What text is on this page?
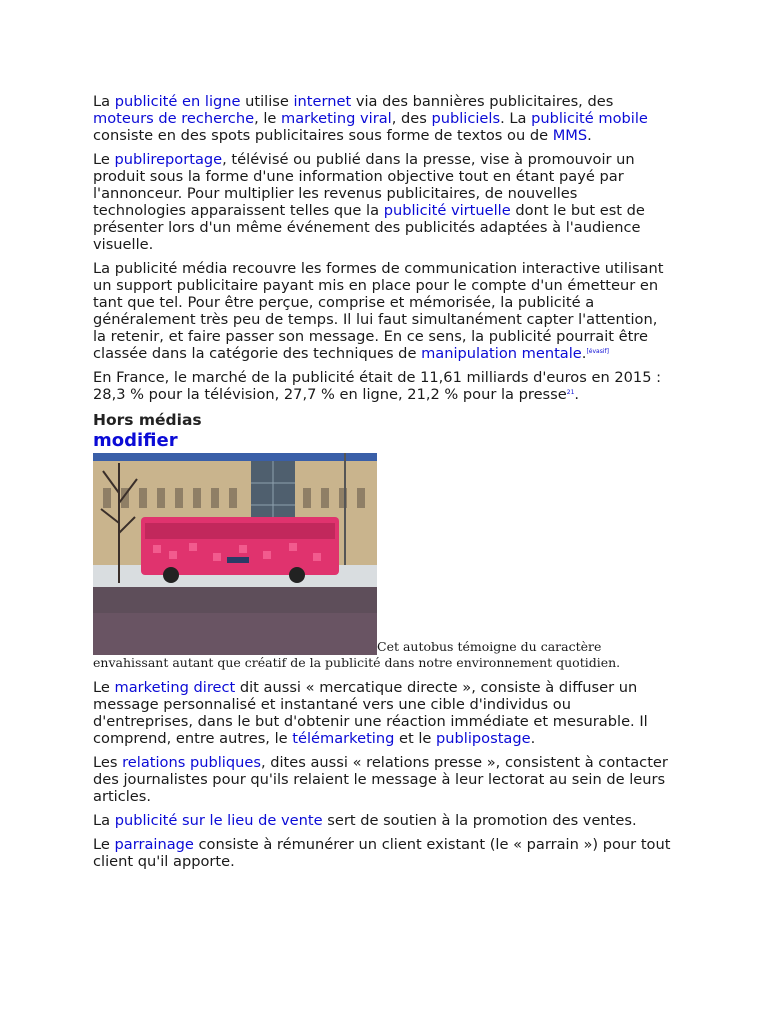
La publicité en ligne utilise internet via des bannières publicitaires, des moteurs de recherche, le marketing viral, des publiciels. La publicité mobile consiste en des spots publicitaires sous forme de textos ou de MMS.

Le publireportage, télévisé ou publié dans la presse, vise à promouvoir un produit sous la forme d'une information objective tout en étant payé par l'annonceur. Pour multiplier les revenus publicitaires, de nouvelles technologies apparaissent telles que la publicité virtuelle dont le but est de présenter lors d'un même événement des publicités adaptées à l'audience visuelle.

La publicité média recouvre les formes de communication interactive utilisant un support publicitaire payant mis en place pour le compte d'un émetteur en tant que tel. Pour être perçue, comprise et mémorisée, la publicité a généralement très peu de temps. Il lui faut simultanément capter l'attention, la retenir, et faire passer son message. En ce sens, la publicité pourrait être classée dans la catégorie des techniques de manipulation mentale.[évasif]

En France, le marché de la publicité était de 11,61 milliards d'euros en 2015 : 28,3 % pour la télévision, 27,7 % en ligne, 21,2 % pour la presse$^{21}$.

Hors médias
modifier
Cet autobus témoigne du caractère envahissant autant que créatif de la publicité dans notre environnement quotidien.

Le marketing direct dit aussi « mercatique directe », consiste à diffuser un message personnalisé et instantané vers une cible d'individus ou d'entreprises, dans le but d'obtenir une réaction immédiate et mesurable. Il comprend, entre autres, le télémarketing et le publipostage.

Les relations publiques, dites aussi « relations presse », consistent à contacter des journalistes pour qu'ils relaient le message à leur lectorat au sein de leurs articles.

La publicité sur le lieu de vente sert de soutien à la promotion des ventes.

Le parrainage consiste à rémunérer un client existant (le « parrain ») pour tout client qu'il apporte.
